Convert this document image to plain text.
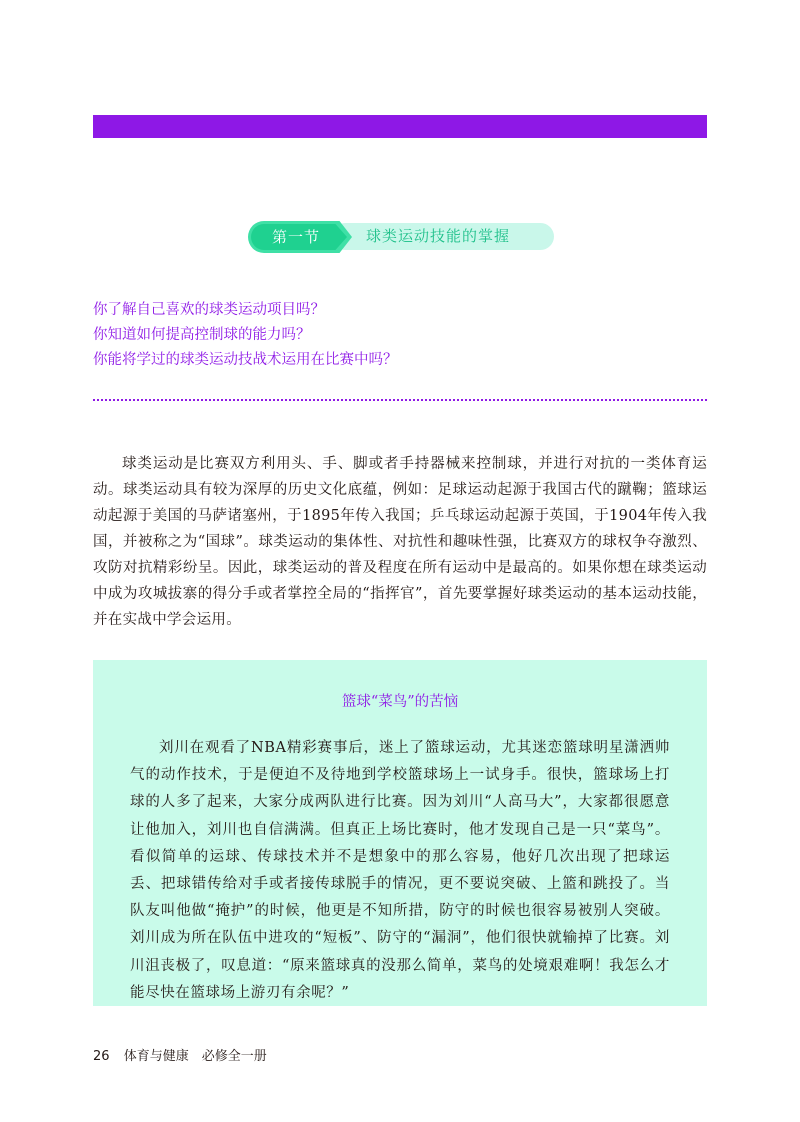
第一节	球类运动技能的掌握

你了解自己喜欢的球类运动项目吗？

你知道如何提高控制球的能力吗？

你能将学过的球类运动技战术运用在比赛中吗？

球类运动是比赛双方利用头、手、脚或者手持器械来控制球，并进行对抗的一类体育运动。球类运动具有较为深厚的历史文化底蕴，例如：足球运动起源于我国古代的蹴鞠；篮球运动起源于美国的马萨诸塞州，于1895年传入我国；乒乓球运动起源于英国，于1904年传入我国，并被称之为“国球”。球类运动的集体性、对抗性和趣味性强，比赛双方的球权争夺激烈、攻防对抗精彩纷呈。因此，球类运动的普及程度在所有运动中是最高的。如果你想在球类运动中成为攻城拔寨的得分手或者掌控全局的“指挥官”，首先要掌握好球类运动的基本运动技能，并在实战中学会运用。

篮球“菜鸟”的苦恼

刘川在观看了NBA精彩赛事后，迷上了篮球运动，尤其迷恋篮球明星潇洒帅气的动作技术，于是便迫不及待地到学校篮球场上一试身手。很快，篮球场上打球的人多了起来，大家分成两队进行比赛。因为刘川“人高马大”，大家都很愿意让他加入，刘川也自信满满。但真正上场比赛时，他才发现自己是一只“菜鸟”。看似简单的运球、传球技术并不是想象中的那么容易，他好几次出现了把球运丢、把球错传给对手或者接传球脱手的情况，更不要说突破、上篮和跳投了。当队友叫他做“掩护”的时候，他更是不知所措，防守的时候也很容易被别人突破。刘川成为所在队伍中进攻的“短板”、防守的“漏洞”，他们很快就输掉了比赛。刘川沮丧极了，叹息道：“原来篮球真的没那么简单，菜鸟的处境艰难啊！我怎么才能尽快在篮球场上游刃有余呢？”

26 体育与健康　必修全一册
